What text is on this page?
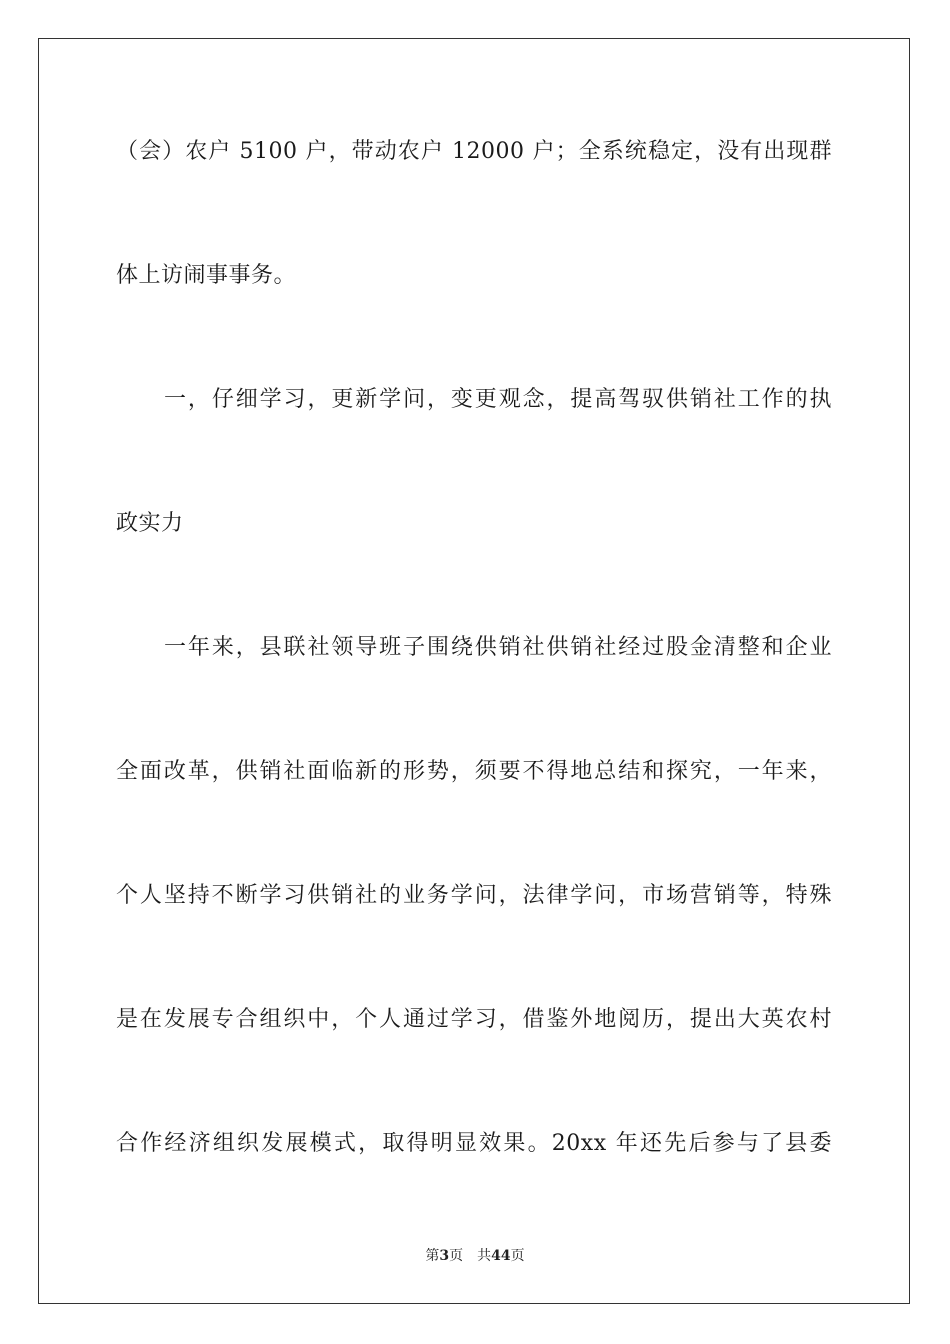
（会）农户 5100 户，带动农户 12000 户；全系统稳定，没有出现群
体上访闹事事务。
一，仔细学习，更新学问，变更观念，提高驾驭供销社工作的执
政实力
一年来，县联社领导班子围绕供销社供销社经过股金清整和企业
全面改革，供销社面临新的形势，须要不得地总结和探究，一年来，
个人坚持不断学习供销社的业务学问，法律学问，市场营销等，特殊
是在发展专合组织中，个人通过学习，借鉴外地阅历，提出大英农村
合作经济组织发展模式，取得明显效果。20xx 年还先后参与了县委
第3页 共44页
